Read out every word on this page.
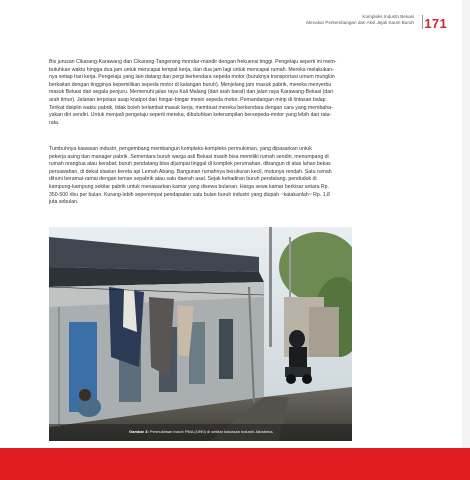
Kompleks Industri Bekasi
Menakar Perkembangan dan Aksi Jejak Kaum Buruh 171
Bis jurusan Cikarang-Karawang dan Cikarang-Tangerang mondar-mandir dengan frekuensi tinggi. Pengelaju seperti ini mem-
butuhkan waktu hingga dua jam untuk mencapai tempat kerja, dan dua jam lagi untuk mencapai rumah. Mereka melakukan-
nya setiap hari kerja. Pengelaju yang lain datang dan pergi berkendara sepeda motor (buruknya transportasi umum mungkin
berkaitan dengan tingginya kepemilikan sepeda motor di kalangan buruh). Menjelang jam masuk pabrik, mereka menyerbu
masuk Bekasi dari segala penjuru. Memenuhi jalan raya Kali Malang (dari arah barat) dan jalan raya Karawang-Bekasi (dari
arah timur). Jalanan terpolasi asap knalpot dan hingar-bingar mesin sepeda motor. Pemandangan mirip di lintasan balap.
Terikat disiplin waktu pabrik, tidak boleh terlambat masuk kerja, membuat mereka berkendara dengan cara yang membaha-
yakan diri sendiri. Untuk menjadi pengelaju seperti mereka, dibutuhkan keterampilan bersepeda-motor yang lebih dari rata-
rata.
Tumbuhnya kawasan industri, pengembang membangun kompleks-kompleks permukiman, yang dipasarkan untuk
pekerja asing dan manager pabrik. Sementara buruh warga asli Bekasi masih bisa memiliki rumah sendiri, menumpang di
rumah orangtua atau kerabat; buruh pendatang bisa dijumpai tinggal di komplek perumahan, dibangun di atas lahan bekas
persawahan, di dekat stasiun kereta api Lemah Abang. Bangunan rumahnya berukuran kecil, mutunya rendah. Satu rumah
dihuni beramai-ramai dengan teman sepabrik atau satu daerah asal. Sejak kehadiran buruh pendatang, penduduk di
kampung-kampung sekitar pabrik untuk menawarkan kamar yang disewa bulanan. Harga sewa kamar berkisar antara Rp.
350-500 ribu per bulan. Kurang-lebih seperempat pendapatan satu bulan buruh industri yang diupah ~katakanlah~ Rp. 1,8
juta sebulan.
Gambar 3: Permukiman buruh PMA (1990) di sekitar kawasan industri Jababeka.
